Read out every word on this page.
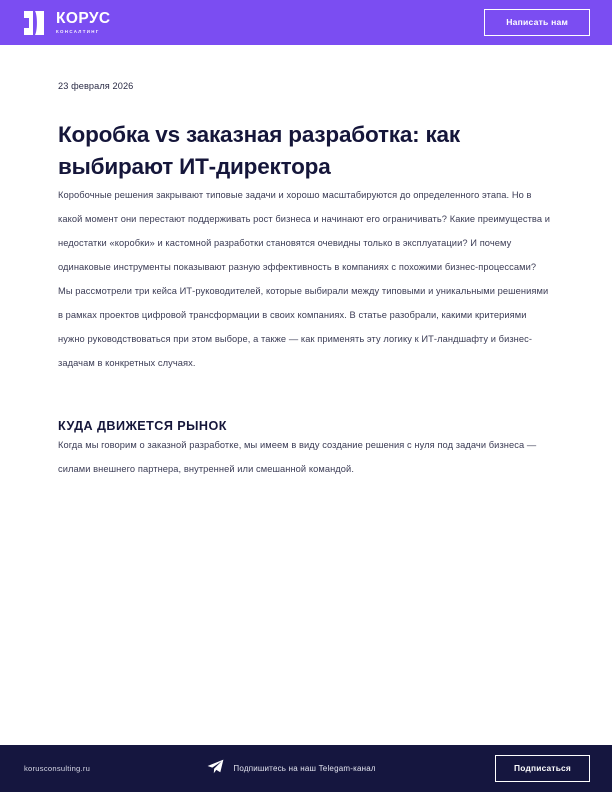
КОРУС
КОНСАЛТИНГ
Написать нам
23 февраля 2026
Коробка vs заказная разработка: как выбирают ИТ-директора

Коробочные решения закрывают типовые задачи и хорошо масштабируются до определенного этапа. Но в какой момент они перестают поддерживать рост бизнеса и начинают его ограничивать? Какие преимущества и недостатки «коробки» и кастомной разработки становятся очевидны только в эксплуатации? И почему одинаковые инструменты показывают разную эффективность в компаниях с похожими бизнес-процессами?

Мы рассмотрели три кейса ИТ-руководителей, которые выбирали между типовыми и уникальными решениями в рамках проектов цифровой трансформации в своих компаниях. В статье разобрали, какими критериями нужно руководствоваться при этом выборе, а также — как применять эту логику к ИТ-ландшафту и бизнес-задачам в конкретных случаях.

КУДА ДВИЖЕТСЯ РЫНОК

Когда мы говорим о заказной разработке, мы имеем в виду создание решения с нуля под задачи бизнеса — силами внешнего партнера, внутренней или смешанной командой.

korusconsulting.ru	Подпишитесь на наш Telegam-канал	Подписаться
